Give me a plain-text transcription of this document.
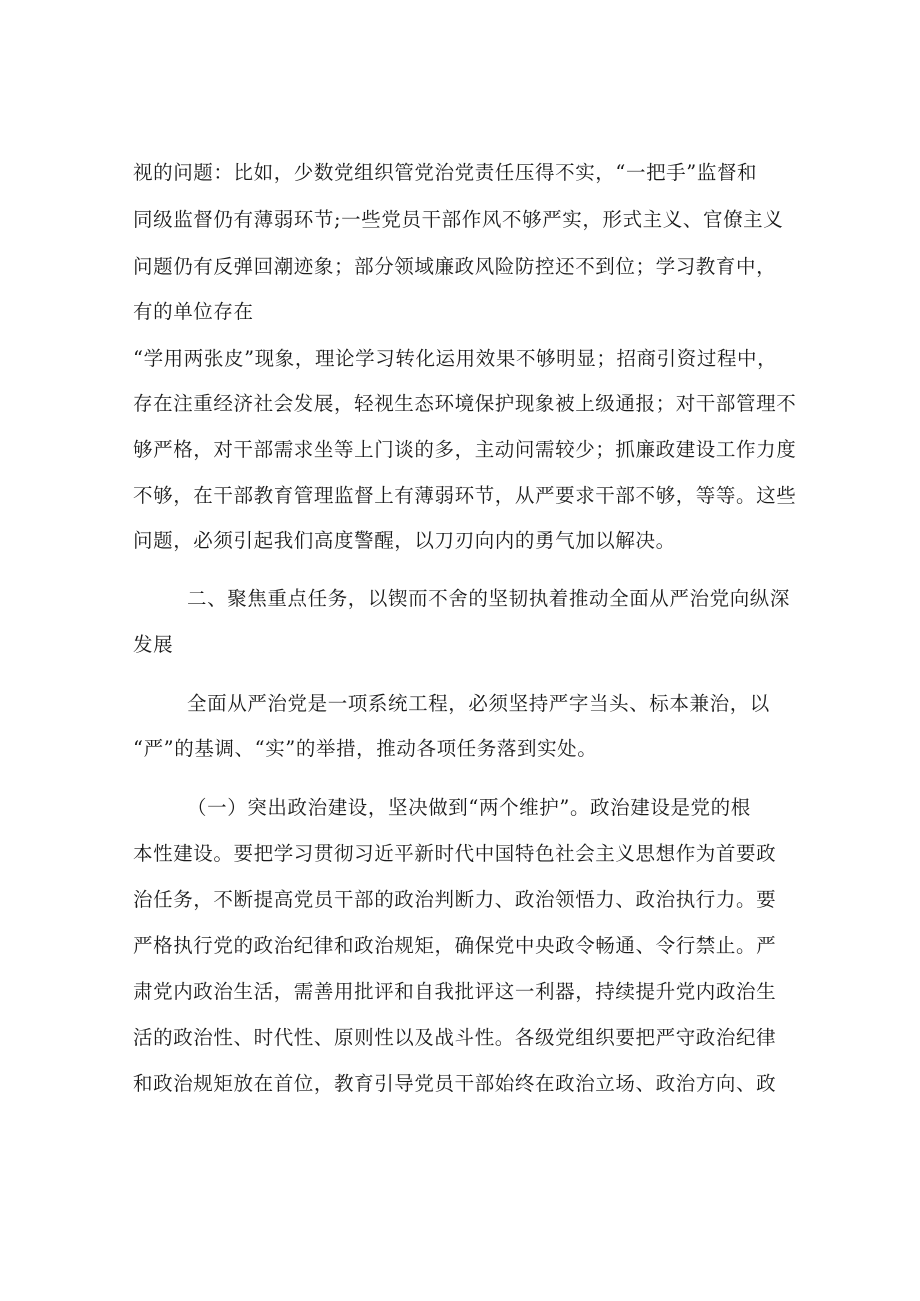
视的问题：比如，少数党组织管党治党责任压得不实，“一把手”监督和

同级监督仍有薄弱环节;一些党员干部作风不够严实，形式主义、官僚主义

问题仍有反弹回潮迹象；部分领域廉政风险防控还不到位；学习教育中，

有的单位存在

“学用两张皮”现象，理论学习转化运用效果不够明显；招商引资过程中，

存在注重经济社会发展，轻视生态环境保护现象被上级通报；对干部管理不

够严格，对干部需求坐等上门谈的多，主动问需较少；抓廉政建设工作力度

不够，在干部教育管理监督上有薄弱环节，从严要求干部不够，等等。这些

问题，必须引起我们高度警醒，以刀刃向内的勇气加以解决。

二、聚焦重点任务，以锲而不舍的坚韧执着推动全面从严治党向纵深

发展

全面从严治党是一项系统工程，必须坚持严字当头、标本兼治，以

“严”的基调、“实”的举措，推动各项任务落到实处。

（一）突出政治建设，坚决做到“两个维护”。政治建设是党的根

本性建设。要把学习贯彻习近平新时代中国特色社会主义思想作为首要政

治任务，不断提高党员干部的政治判断力、政治领悟力、政治执行力。要

严格执行党的政治纪律和政治规矩，确保党中央政令畅通、令行禁止。严

肃党内政治生活，需善用批评和自我批评这一利器，持续提升党内政治生

活的政治性、时代性、原则性以及战斗性。各级党组织要把严守政治纪律

和政治规矩放在首位，教育引导党员干部始终在政治立场、政治方向、政
